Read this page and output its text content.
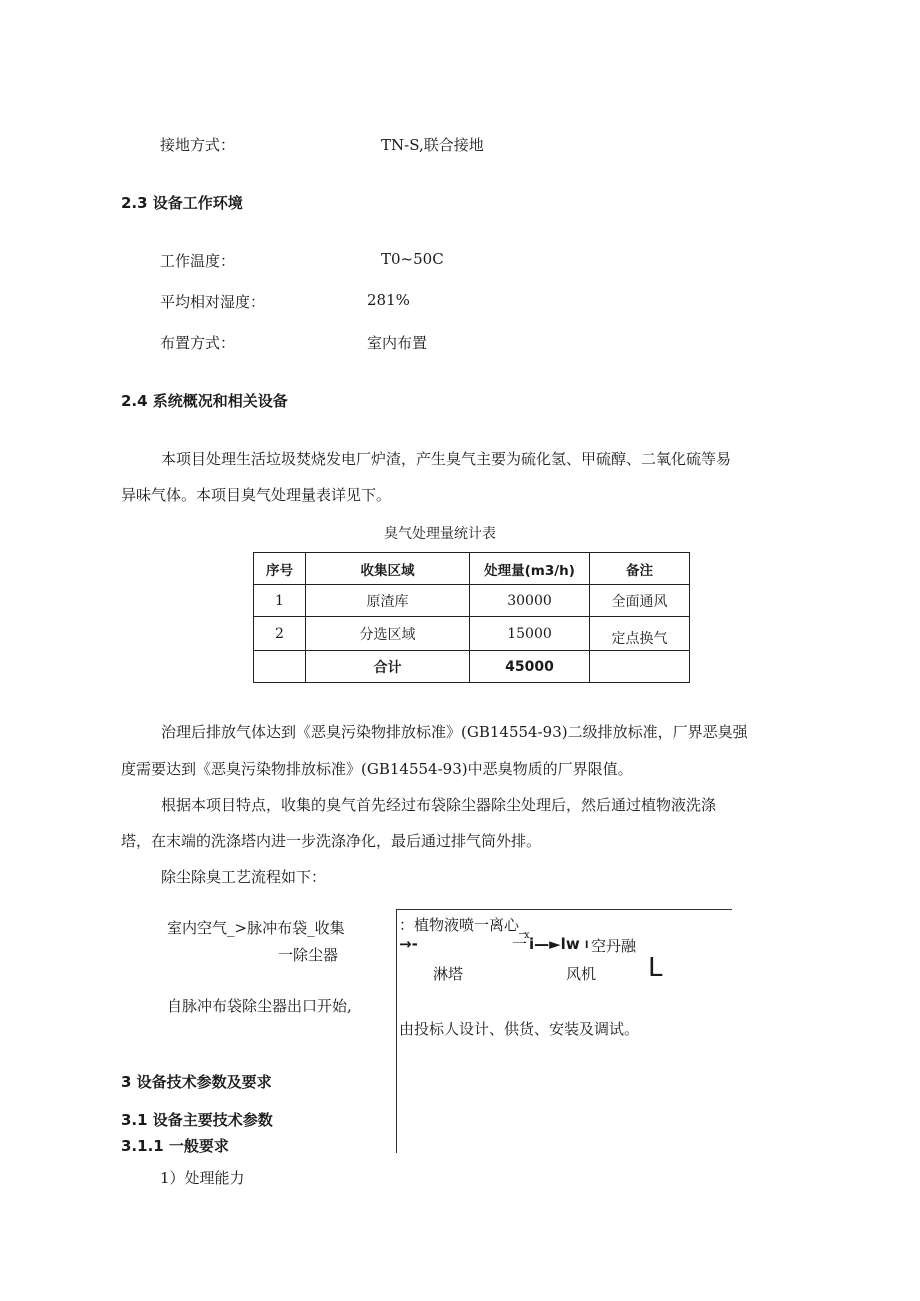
接地方式：	TN-S,联合接地
2.3 设备工作环境
工作温度：	T0~50C
平均相对湿度：	281%
布置方式：	室内布置
2.4 系统概况和相关设备
本项目处理生活垃圾焚烧发电厂炉渣，产生臭气主要为硫化氢、甲硫醇、二氧化硫等易
异味气体。本项目臭气处理量表详见下。
臭气处理量统计表
序号	收集区域	处理量(m3/h)	备注
1	原渣库	30000	全面通风
2	分选区域	15000	定点换气
	合计	45000	
治理后排放气体达到《恶臭污染物排放标准》(GB14554-93)二级排放标准，厂界恶臭强
度需要达到《恶臭污染物排放标准》(GB14554-93)中恶臭物质的厂界限值。
根据本项目特点，收集的臭气首先经过布袋除尘器除尘处理后，然后通过植物液洗涤
塔，在末端的洗涤塔内进一步洗涤净化，最后通过排气筒外排。
除尘除臭工艺流程如下：
室内空气_>脉冲布袋_收集
一除尘器
自脉冲布袋除尘器出口开始,
：植物液喷一离心_
→-	一
x i—►lw l 空丹融
淋塔	风机 L
由投标人设计、供货、安装及调试。
3 设备技术参数及要求
3.1 设备主要技术参数
3.1.1 一般要求
1）处理能力
